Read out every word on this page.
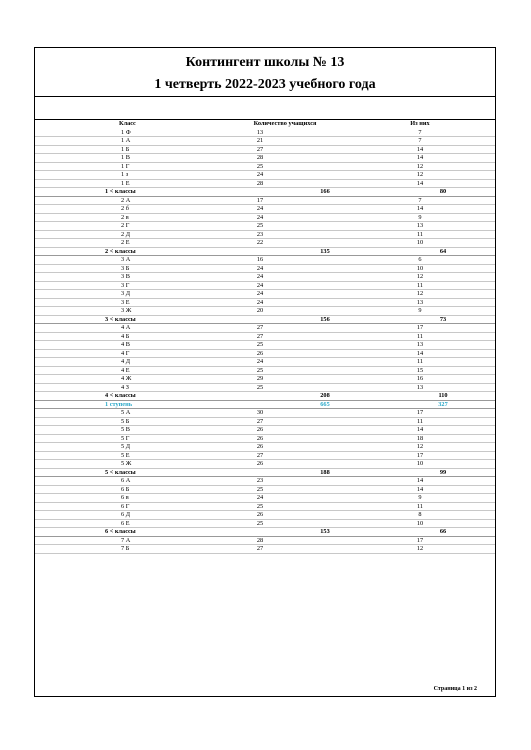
Контингент школы № 13
1 четверть 2022-2023 учебного года
Класс	Количество учащихся	Из них
1 Ф	13	7
1 А	21	7
1 Б	27	14
1 В	28	14
1 Г	25	12
1 з	24	12
1 Е	28	14
1 < классы	166	80
2 А	17	7
2 б	24	14
2 в	24	9
2 Г	25	13
2 Д	23	11
2 Е	22	10
2 < классы	135	64
3 А	16	6
3 Б	24	10
3 В	24	12
3 Г	24	11
3 Д	24	12
3 Е	24	13
3 Ж	20	9
3 < классы	156	73
4 А	27	17
4 Б	27	11
4 В	25	13
4 Г	26	14
4 Д	24	11
4 Е	25	15
4 Ж	29	16
4 З	25	13
4 < классы	208	110
1 ступень	665	327
5 А	30	17
5 Б	27	11
5 В	26	14
5 Г	26	18
5 Д	26	12
5 Е	27	17
5 Ж	26	10
5 < классы	188	99
6 А	23	14
6 Б	25	14
6 в	24	9
6 Г	25	11
6 Д	26	8
6 Е	25	10
6 < классы	153	66
7 А	28	17
7 Б	27	12
Страница 1 из 2
